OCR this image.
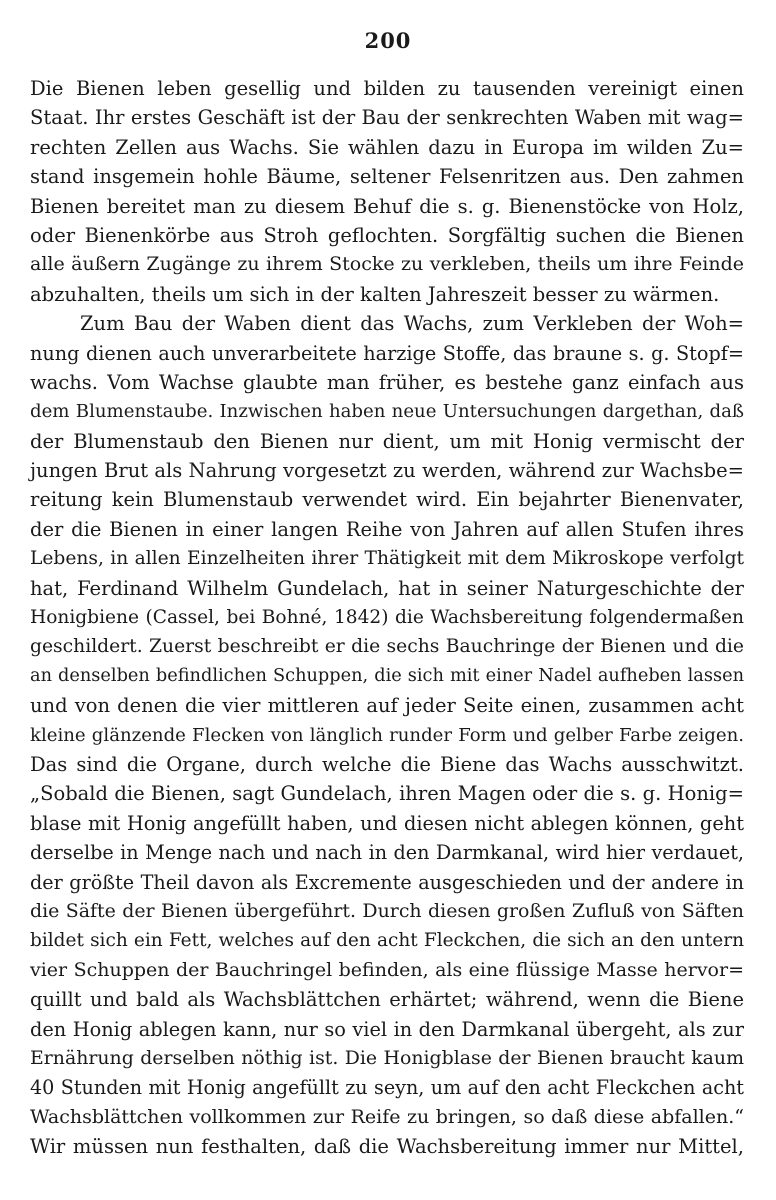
200
Die Bienen leben gesellig und bilden zu tausenden vereinigt einen
Staat. Ihr erstes Geschäft ist der Bau der senkrechten Waben mit wag=
rechten Zellen aus Wachs. Sie wählen dazu in Europa im wilden Zu=
stand insgemein hohle Bäume, seltener Felsenritzen aus. Den zahmen
Bienen bereitet man zu diesem Behuf die s. g. Bienenstöcke von Holz,
oder Bienenkörbe aus Stroh geflochten. Sorgfältig suchen die Bienen
alle äußern Zugänge zu ihrem Stocke zu verkleben, theils um ihre Feinde
abzuhalten, theils um sich in der kalten Jahreszeit besser zu wärmen.
Zum Bau der Waben dient das Wachs, zum Verkleben der Woh=
nung dienen auch unverarbeitete harzige Stoffe, das braune s. g. Stopf=
wachs. Vom Wachse glaubte man früher, es bestehe ganz einfach aus
dem Blumenstaube. Inzwischen haben neue Untersuchungen dargethan, daß
der Blumenstaub den Bienen nur dient, um mit Honig vermischt der
jungen Brut als Nahrung vorgesetzt zu werden, während zur Wachsbe=
reitung kein Blumenstaub verwendet wird. Ein bejahrter Bienenvater,
der die Bienen in einer langen Reihe von Jahren auf allen Stufen ihres
Lebens, in allen Einzelheiten ihrer Thätigkeit mit dem Mikroskope verfolgt
hat, Ferdinand Wilhelm Gundelach, hat in seiner Naturgeschichte der
Honigbiene (Cassel, bei Bohné, 1842) die Wachsbereitung folgendermaßen
geschildert. Zuerst beschreibt er die sechs Bauchringe der Bienen und die
an denselben befindlichen Schuppen, die sich mit einer Nadel aufheben lassen
und von denen die vier mittleren auf jeder Seite einen, zusammen acht
kleine glänzende Flecken von länglich runder Form und gelber Farbe zeigen.
Das sind die Organe, durch welche die Biene das Wachs ausschwitzt.
„Sobald die Bienen, sagt Gundelach, ihren Magen oder die s. g. Honig=
blase mit Honig angefüllt haben, und diesen nicht ablegen können, geht
derselbe in Menge nach und nach in den Darmkanal, wird hier verdauet,
der größte Theil davon als Excremente ausgeschieden und der andere in
die Säfte der Bienen übergeführt. Durch diesen großen Zufluß von Säften
bildet sich ein Fett, welches auf den acht Fleckchen, die sich an den untern
vier Schuppen der Bauchringel befinden, als eine flüssige Masse hervor=
quillt und bald als Wachsblättchen erhärtet; während, wenn die Biene
den Honig ablegen kann, nur so viel in den Darmkanal übergeht, als zur
Ernährung derselben nöthig ist. Die Honigblase der Bienen braucht kaum
40 Stunden mit Honig angefüllt zu seyn, um auf den acht Fleckchen acht
Wachsblättchen vollkommen zur Reife zu bringen, so daß diese abfallen.“
Wir müssen nun festhalten, daß die Wachsbereitung immer nur Mittel,
